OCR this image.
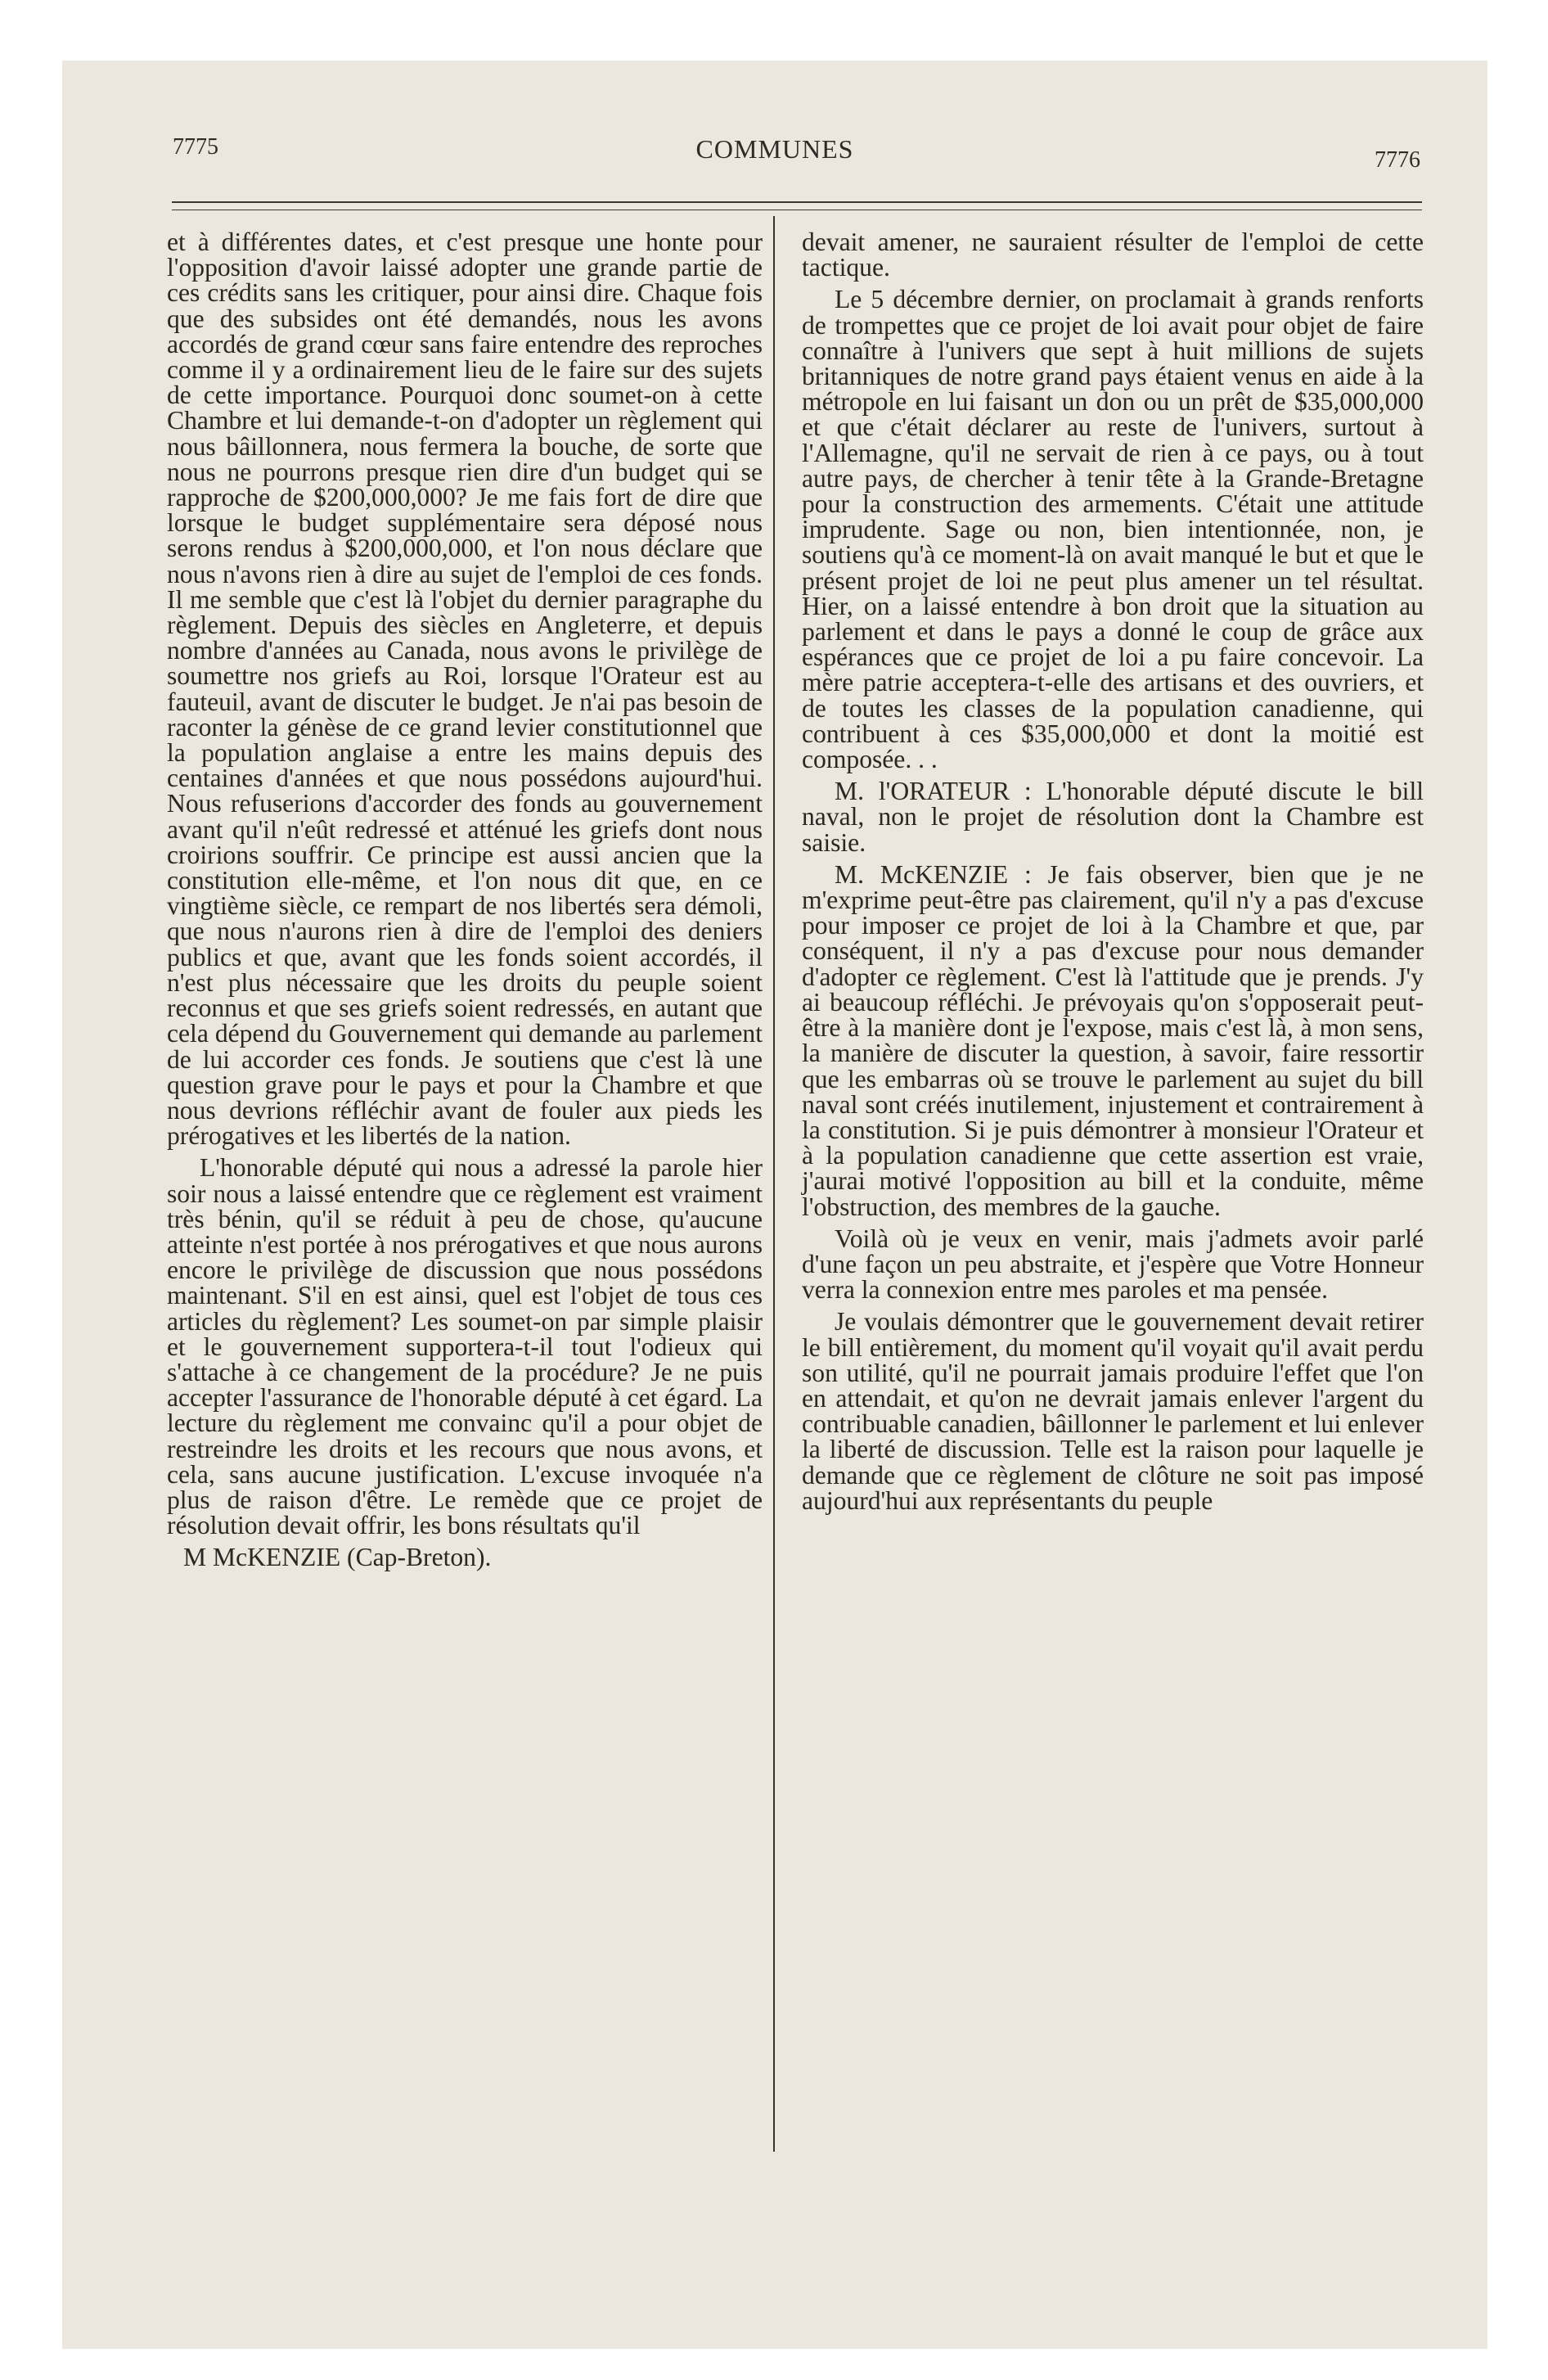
7775	COMMUNES	7776

et à différentes dates, et c'est presque une honte pour l'opposition d'avoir laissé adopter une grande partie de ces crédits sans les critiquer, pour ainsi dire. Chaque fois que des subsides ont été demandés, nous les avons accordés de grand cœur sans faire entendre des reproches comme il y a ordinairement lieu de le faire sur des sujets de cette importance. Pourquoi donc soumet-on à cette Chambre et lui demande-t-on d'adopter un règlement qui nous bâillonnera, nous fermera la bouche, de sorte que nous ne pourrons presque rien dire d'un budget qui se rapproche de $200,000,000? Je me fais fort de dire que lorsque le budget supplémentaire sera déposé nous serons rendus à $200,000,000, et l'on nous déclare que nous n'avons rien à dire au sujet de l'emploi de ces fonds. Il me semble que c'est là l'objet du dernier paragraphe du règlement. Depuis des siècles en Angleterre, et depuis nombre d'années au Canada, nous avons le privilège de soumettre nos griefs au Roi, lorsque l'Orateur est au fauteuil, avant de discuter le budget. Je n'ai pas besoin de raconter la génèse de ce grand levier constitutionnel que la population anglaise a entre les mains depuis des centaines d'années et que nous possédons aujourd'hui. Nous refuserions d'accorder des fonds au gouvernement avant qu'il n'eût redressé et atténué les griefs dont nous croirions souffrir. Ce principe est aussi ancien que la constitution elle-même, et l'on nous dit que, en ce vingtième siècle, ce rempart de nos libertés sera démoli, que nous n'aurons rien à dire de l'emploi des deniers publics et que, avant que les fonds soient accordés, il n'est plus nécessaire que les droits du peuple soient reconnus et que ses griefs soient redressés, en autant que cela dépend du Gouvernement qui demande au parlement de lui accorder ces fonds. Je soutiens que c'est là une question grave pour le pays et pour la Chambre et que nous devrions réfléchir avant de fouler aux pieds les prérogatives et les libertés de la nation.

L'honorable député qui nous a adressé la parole hier soir nous a laissé entendre que ce règlement est vraiment très bénin, qu'il se réduit à peu de chose, qu'aucune atteinte n'est portée à nos prérogatives et que nous aurons encore le privilège de discussion que nous possédons maintenant. S'il en est ainsi, quel est l'objet de tous ces articles du règlement? Les soumet-on par simple plaisir et le gouvernement supportera-t-il tout l'odieux qui s'attache à ce changement de la procédure? Je ne puis accepter l'assurance de l'honorable député à cet égard. La lecture du règlement me convainc qu'il a pour objet de restreindre les droits et les recours que nous avons, et cela, sans aucune justification. L'excuse invoquée n'a plus de raison d'être. Le remède que ce projet de résolution devait offrir, les bons résultats qu'il

M McKENZIE (Cap-Breton).

devait amener, ne sauraient résulter de l'emploi de cette tactique.

Le 5 décembre dernier, on proclamait à grands renforts de trompettes que ce projet de loi avait pour objet de faire connaître à l'univers que sept à huit millions de sujets britanniques de notre grand pays étaient venus en aide à la métropole en lui faisant un don ou un prêt de $35,000,000 et que c'était déclarer au reste de l'univers, surtout à l'Allemagne, qu'il ne servait de rien à ce pays, ou à tout autre pays, de chercher à tenir tête à la Grande-Bretagne pour la construction des armements. C'était une attitude imprudente. Sage ou non, bien intentionnée, non, je soutiens qu'à ce moment-là on avait manqué le but et que le présent projet de loi ne peut plus amener un tel résultat. Hier, on a laissé entendre à bon droit que la situation au parlement et dans le pays a donné le coup de grâce aux espérances que ce projet de loi a pu faire concevoir. La mère patrie acceptera-t-elle des artisans et des ouvriers, et de toutes les classes de la population canadienne, qui contribuent à ces $35,000,000 et dont la moitié est composée. . .

M. l'ORATEUR : L'honorable député discute le bill naval, non le projet de résolution dont la Chambre est saisie.

M. McKENZIE : Je fais observer, bien que je ne m'exprime peut-être pas clairement, qu'il n'y a pas d'excuse pour imposer ce projet de loi à la Chambre et que, par conséquent, il n'y a pas d'excuse pour nous demander d'adopter ce règlement. C'est là l'attitude que je prends. J'y ai beaucoup réfléchi. Je prévoyais qu'on s'opposerait peut-être à la manière dont je l'expose, mais c'est là, à mon sens, la manière de discuter la question, à savoir, faire ressortir que les embarras où se trouve le parlement au sujet du bill naval sont créés inutilement, injustement et contrairement à la constitution. Si je puis démontrer à monsieur l'Orateur et à la population canadienne que cette assertion est vraie, j'aurai motivé l'opposition au bill et la conduite, même l'obstruction, des membres de la gauche.

Voilà où je veux en venir, mais j'admets avoir parlé d'une façon un peu abstraite, et j'espère que Votre Honneur verra la connexion entre mes paroles et ma pensée.

Je voulais démontrer que le gouvernement devait retirer le bill entièrement, du moment qu'il voyait qu'il avait perdu son utilité, qu'il ne pourrait jamais produire l'effet que l'on en attendait, et qu'on ne devrait jamais enlever l'argent du contribuable canadien, bâillonner le parlement et lui enlever la liberté de discussion. Telle est la raison pour laquelle je demande que ce règlement de clôture ne soit pas imposé aujourd'hui aux représentants du peuple
